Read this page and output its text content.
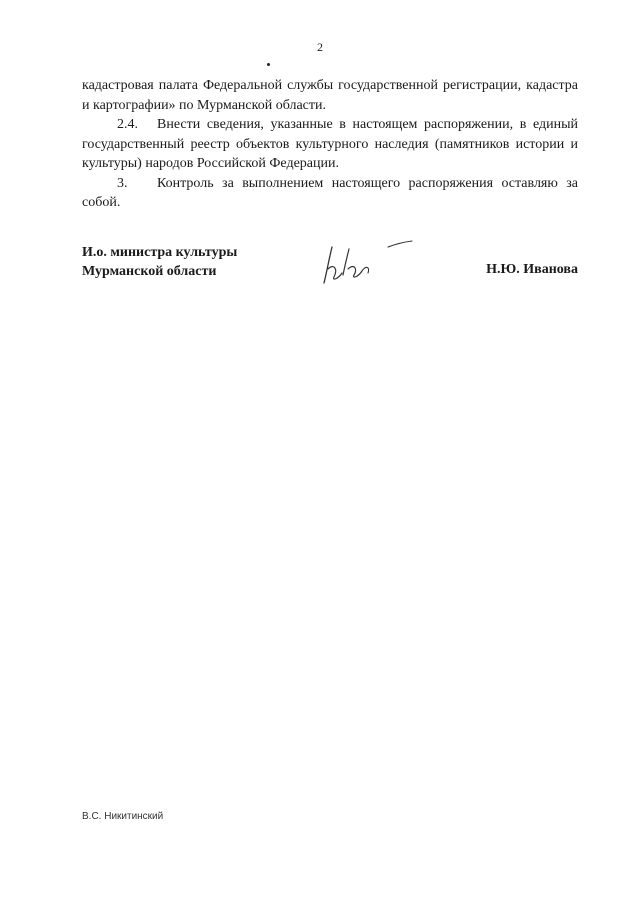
2

кадастровая палата Федеральной службы государственной регистрации, кадастра и картографии» по Мурманской области.

2.4. Внести сведения, указанные в настоящем распоряжении, в единый государственный реестр объектов культурного наследия (памятников истории и культуры) народов Российской Федерации.

3. Контроль за выполнением настоящего распоряжения оставляю за собой.

И.о. министра культуры
Мурманской области	Н.Ю. Иванова
В.С. Никитинский
